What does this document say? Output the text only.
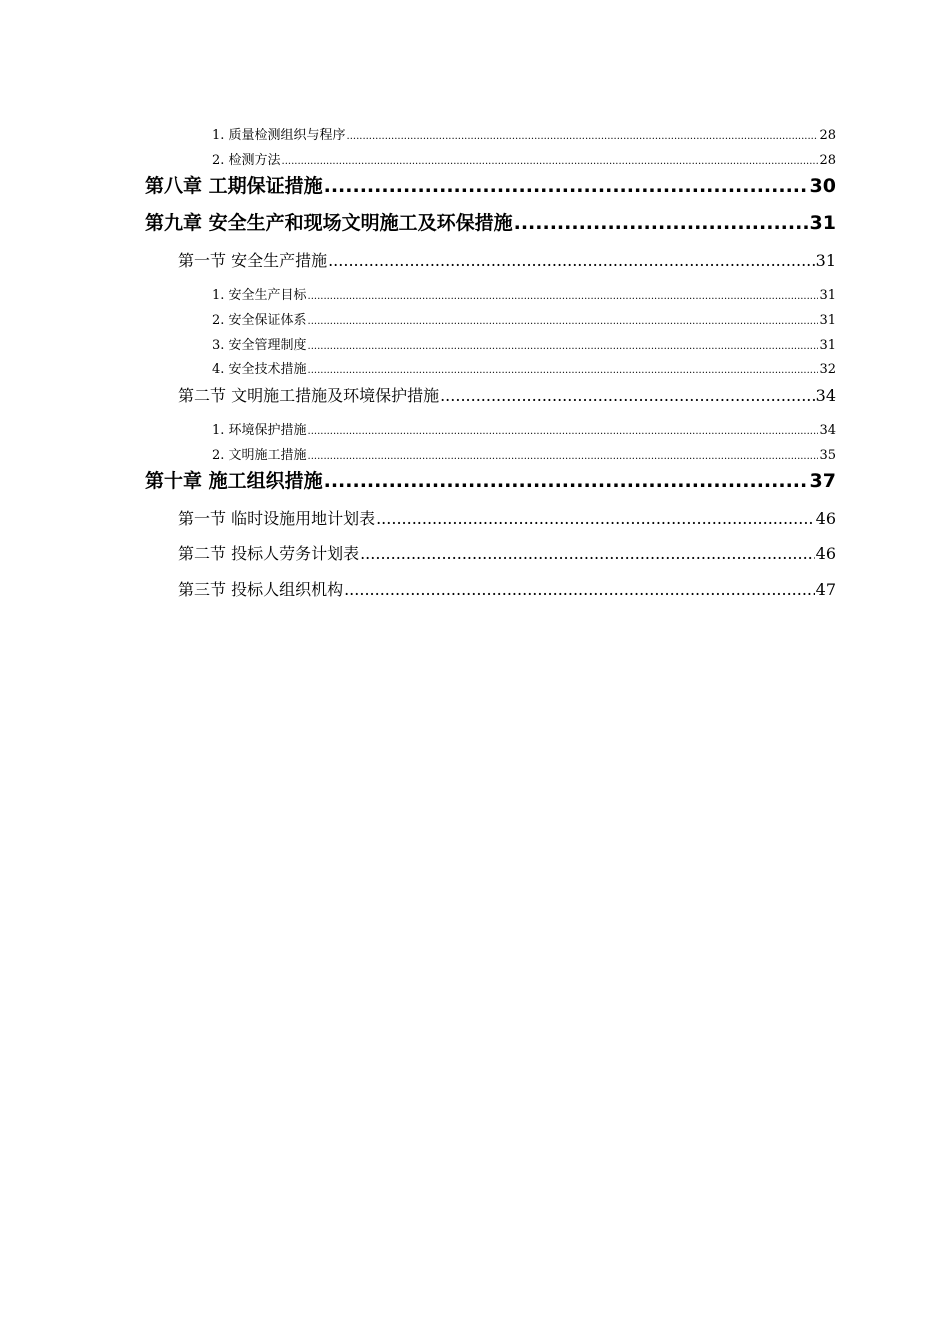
1. 质量检测组织与程序 .....	28
2. 检测方法 .....	28
第八章 工期保证措施 .....	30
第九章 安全生产和现场文明施工及环保措施 .....	31
第一节 安全生产措施 .....	31
1. 安全生产目标 .....	31
2. 安全保证体系 .....	31
3. 安全管理制度 .....	31
4. 安全技术措施 .....	32
第二节 文明施工措施及环境保护措施 .....	34
1. 环境保护措施 .....	34
2. 文明施工措施 .....	35
第十章 施工组织措施 .....	37
第一节 临时设施用地计划表 .....	46
第二节 投标人劳务计划表 .....	46
第三节 投标人组织机构 .....	47
